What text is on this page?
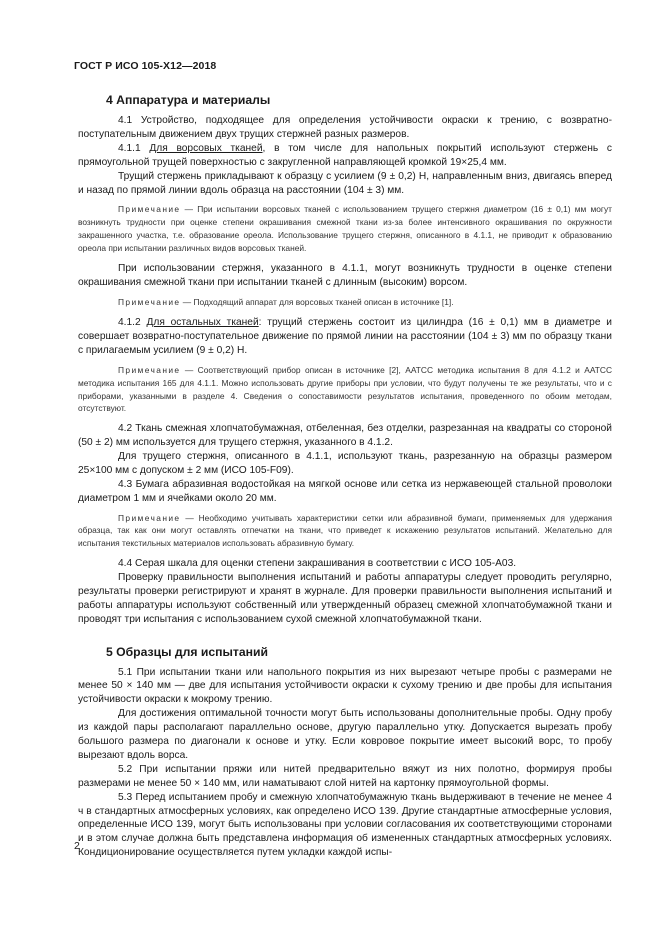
ГОСТ Р ИСО 105-Х12—2018
4 Аппаратура и материалы

4.1 Устройство, подходящее для определения устойчивости окраски к трению, с возвратно-поступательным движением двух трущих стержней разных размеров.

4.1.1 Для ворсовых тканей, в том числе для напольных покрытий используют стержень с прямоугольной трущей поверхностью с закругленной направляющей кромкой 19×25,4 мм.

Трущий стержень прикладывают к образцу с усилием (9 ± 0,2) Н, направленным вниз, двигаясь вперед и назад по прямой линии вдоль образца на расстоянии (104 ± 3) мм.

Примечание — При испытании ворсовых тканей с использованием трущего стержня диаметром (16 ± 0,1) мм могут возникнуть трудности при оценке степени окрашивания смежной ткани из-за более интенсивного окрашивания по окружности закрашенного участка, т.е. образование ореола. Использование трущего стержня, описанного в 4.1.1, не приводит к образованию ореола при испытании различных видов ворсовых тканей.

При использовании стержня, указанного в 4.1.1, могут возникнуть трудности в оценке степени окрашивания смежной ткани при испытании тканей с длинным (высоким) ворсом.

Примечание — Подходящий аппарат для ворсовых тканей описан в источнике [1].

4.1.2 Для остальных тканей: трущий стержень состоит из цилиндра (16 ± 0,1) мм в диаметре и совершает возвратно-поступательное движение по прямой линии на расстоянии (104 ± 3) мм по образцу ткани с прилагаемым усилием (9 ± 0,2) Н.

Примечание — Соответствующий прибор описан в источнике [2], AATCC методика испытания 8 для 4.1.2 и AATCC методика испытания 165 для 4.1.1. Можно использовать другие приборы при условии, что будут получены те же результаты, что и с приборами, указанными в разделе 4. Сведения о сопоставимости результатов испытания, проведенного по обоим методам, отсутствуют.

4.2 Ткань смежная хлопчатобумажная, отбеленная, без отделки, разрезанная на квадраты со стороной (50 ± 2) мм используется для трущего стержня, указанного в 4.1.2.

Для трущего стержня, описанного в 4.1.1, используют ткань, разрезанную на образцы размером 25×100 мм с допуском ± 2 мм (ИСО 105-F09).

4.3 Бумага абразивная водостойкая на мягкой основе или сетка из нержавеющей стальной проволоки диаметром 1 мм и ячейками около 20 мм.

Примечание — Необходимо учитывать характеристики сетки или абразивной бумаги, применяемых для удержания образца, так как они могут оставлять отпечатки на ткани, что приведет к искажению результатов испытаний. Желательно для испытания текстильных материалов использовать абразивную бумагу.

4.4 Серая шкала для оценки степени закрашивания в соответствии с ИСО 105-А03.

Проверку правильности выполнения испытаний и работы аппаратуры следует проводить регулярно, результаты проверки регистрируют и хранят в журнале. Для проверки правильности выполнения испытаний и работы аппаратуры используют собственный или утвержденный образец смежной хлопчатобумажной ткани и проводят три испытания с использованием сухой смежной хлопчатобумажной ткани.

5 Образцы для испытаний

5.1 При испытании ткани или напольного покрытия из них вырезают четыре пробы с размерами не менее 50 × 140 мм — две для испытания устойчивости окраски к сухому трению и две пробы для испытания устойчивости окраски к мокрому трению.

Для достижения оптимальной точности могут быть использованы дополнительные пробы. Одну пробу из каждой пары располагают параллельно основе, другую параллельно утку. Допускается вырезать пробу большого размера по диагонали к основе и утку. Если ковровое покрытие имеет высокий ворс, то пробу вырезают вдоль ворса.

5.2 При испытании пряжи или нитей предварительно вяжут из них полотно, формируя пробы размерами не менее 50 × 140 мм, или наматывают слой нитей на картонку прямоугольной формы.

5.3 Перед испытанием пробу и смежную хлопчатобумажную ткань выдерживают в течение не менее 4 ч в стандартных атмосферных условиях, как определено ИСО 139. Другие стандартные атмосферные условия, определенные ИСО 139, могут быть использованы при условии согласования их соответствующими сторонами и в этом случае должна быть представлена информация об измененных стандартных атмосферных условиях. Кондиционирование осуществляется путем укладки каждой испы-

2
